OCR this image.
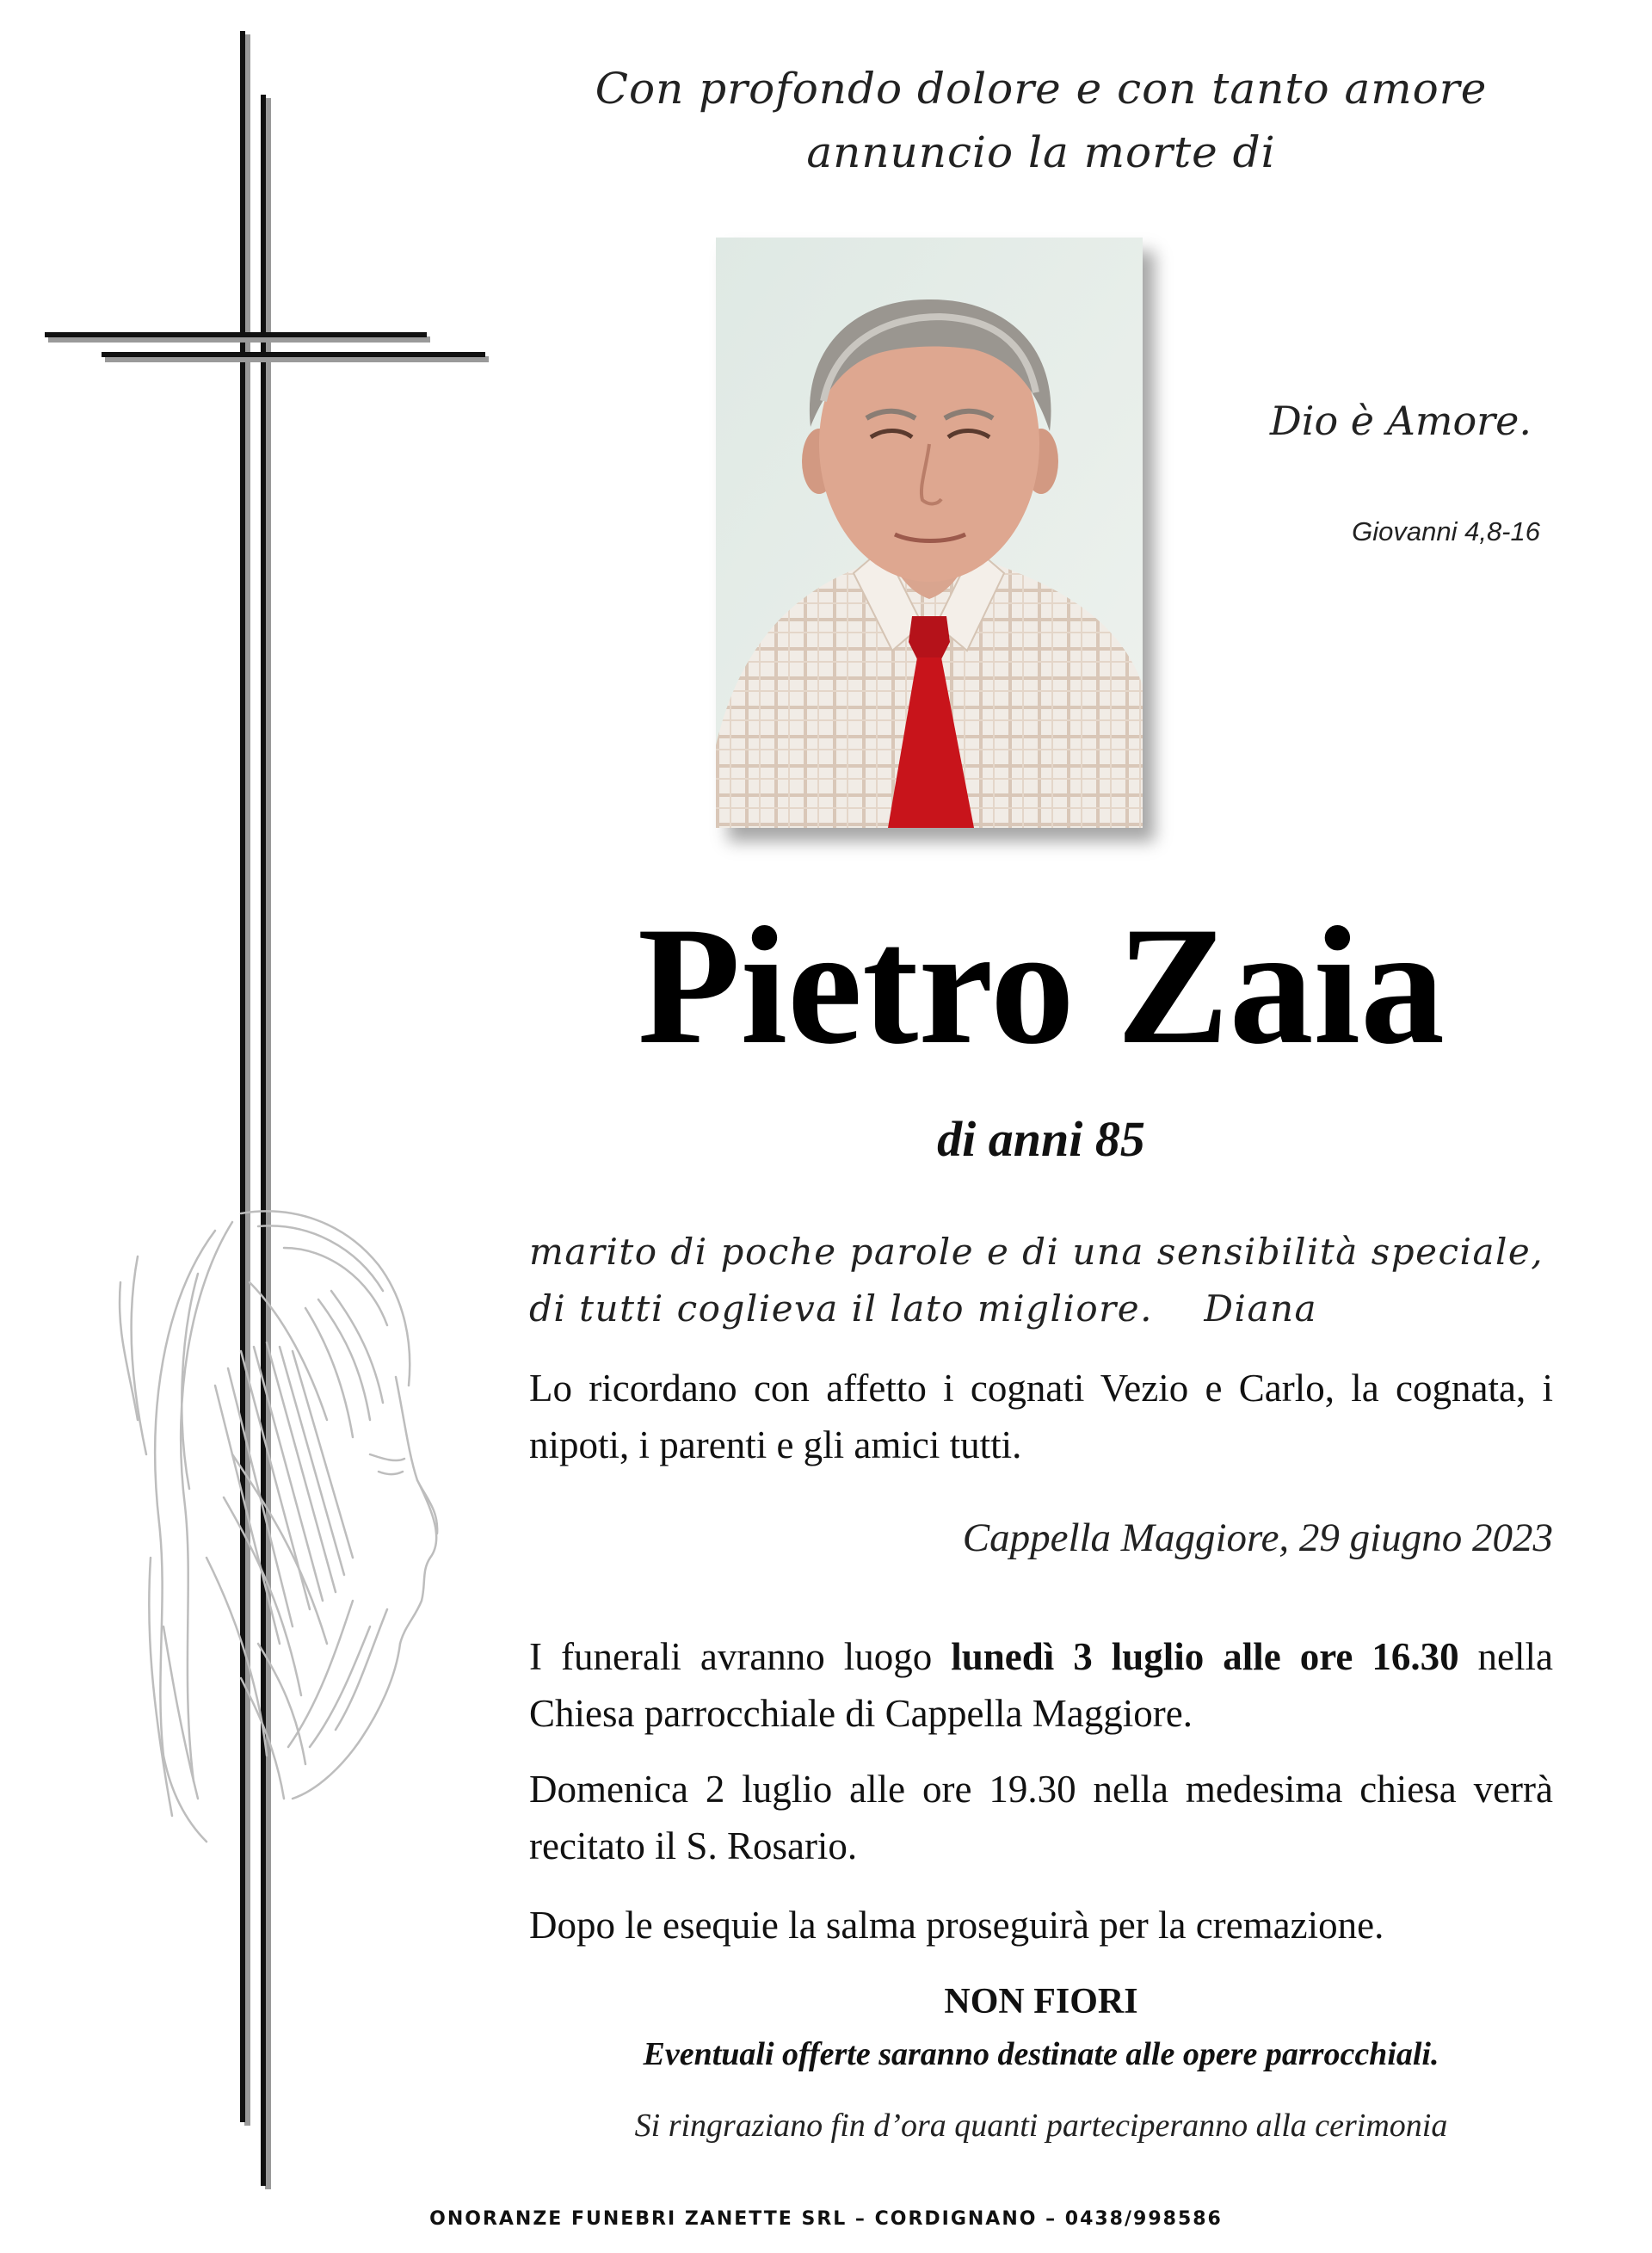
Con profondo dolore e con tanto amore
annuncio la morte di
Dio è Amore.
Giovanni 4,8-16
Pietro Zaia
di anni 85
marito di poche parole e di una sensibilità speciale, di tutti coglieva il lato migliore. Diana
Lo ricordano con affetto i cognati Vezio e Carlo, la cognata, i nipoti, i parenti e gli amici tutti.
Cappella Maggiore, 29 giugno 2023
I funerali avranno luogo lunedì 3 luglio alle ore 16.30 nella Chiesa parrocchiale di Cappella Maggiore.
Domenica 2 luglio alle ore 19.30 nella medesima chiesa verrà recitato il S. Rosario.
Dopo le esequie la salma proseguirà per la cremazione.
NON FIORI
Eventuali offerte saranno destinate alle opere parrocchiali.
Si ringraziano fin d’ora quanti parteciperanno alla cerimonia
ONORANZE FUNEBRI ZANETTE SRL – CORDIGNANO – 0438/998586
